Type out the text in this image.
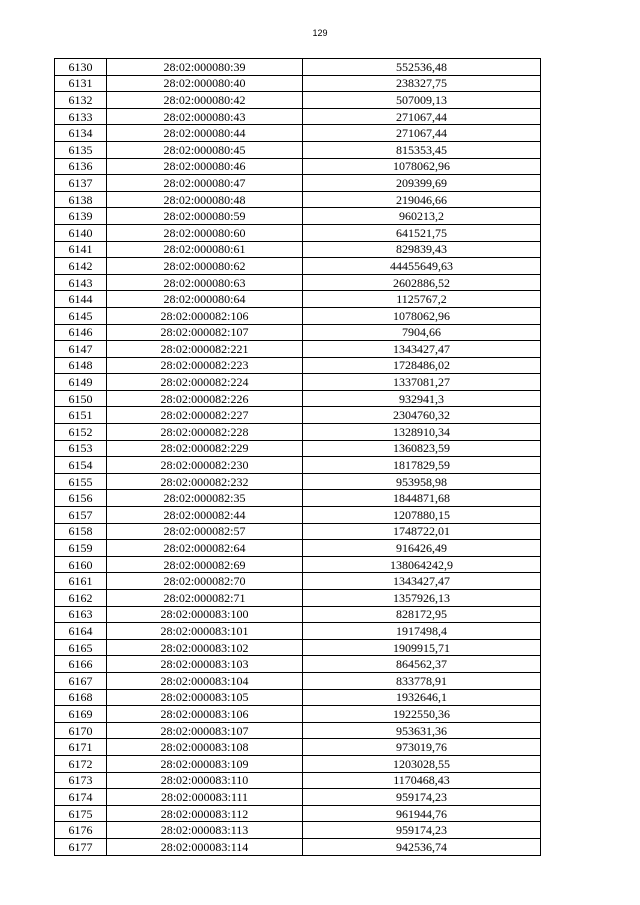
129
6130	28:02:000080:39	552536,48
6131	28:02:000080:40	238327,75
6132	28:02:000080:42	507009,13
6133	28:02:000080:43	271067,44
6134	28:02:000080:44	271067,44
6135	28:02:000080:45	815353,45
6136	28:02:000080:46	1078062,96
6137	28:02:000080:47	209399,69
6138	28:02:000080:48	219046,66
6139	28:02:000080:59	960213,2
6140	28:02:000080:60	641521,75
6141	28:02:000080:61	829839,43
6142	28:02:000080:62	44455649,63
6143	28:02:000080:63	2602886,52
6144	28:02:000080:64	1125767,2
6145	28:02:000082:106	1078062,96
6146	28:02:000082:107	7904,66
6147	28:02:000082:221	1343427,47
6148	28:02:000082:223	1728486,02
6149	28:02:000082:224	1337081,27
6150	28:02:000082:226	932941,3
6151	28:02:000082:227	2304760,32
6152	28:02:000082:228	1328910,34
6153	28:02:000082:229	1360823,59
6154	28:02:000082:230	1817829,59
6155	28:02:000082:232	953958,98
6156	28:02:000082:35	1844871,68
6157	28:02:000082:44	1207880,15
6158	28:02:000082:57	1748722,01
6159	28:02:000082:64	916426,49
6160	28:02:000082:69	138064242,9
6161	28:02:000082:70	1343427,47
6162	28:02:000082:71	1357926,13
6163	28:02:000083:100	828172,95
6164	28:02:000083:101	1917498,4
6165	28:02:000083:102	1909915,71
6166	28:02:000083:103	864562,37
6167	28:02:000083:104	833778,91
6168	28:02:000083:105	1932646,1
6169	28:02:000083:106	1922550,36
6170	28:02:000083:107	953631,36
6171	28:02:000083:108	973019,76
6172	28:02:000083:109	1203028,55
6173	28:02:000083:110	1170468,43
6174	28:02:000083:111	959174,23
6175	28:02:000083:112	961944,76
6176	28:02:000083:113	959174,23
6177	28:02:000083:114	942536,74
